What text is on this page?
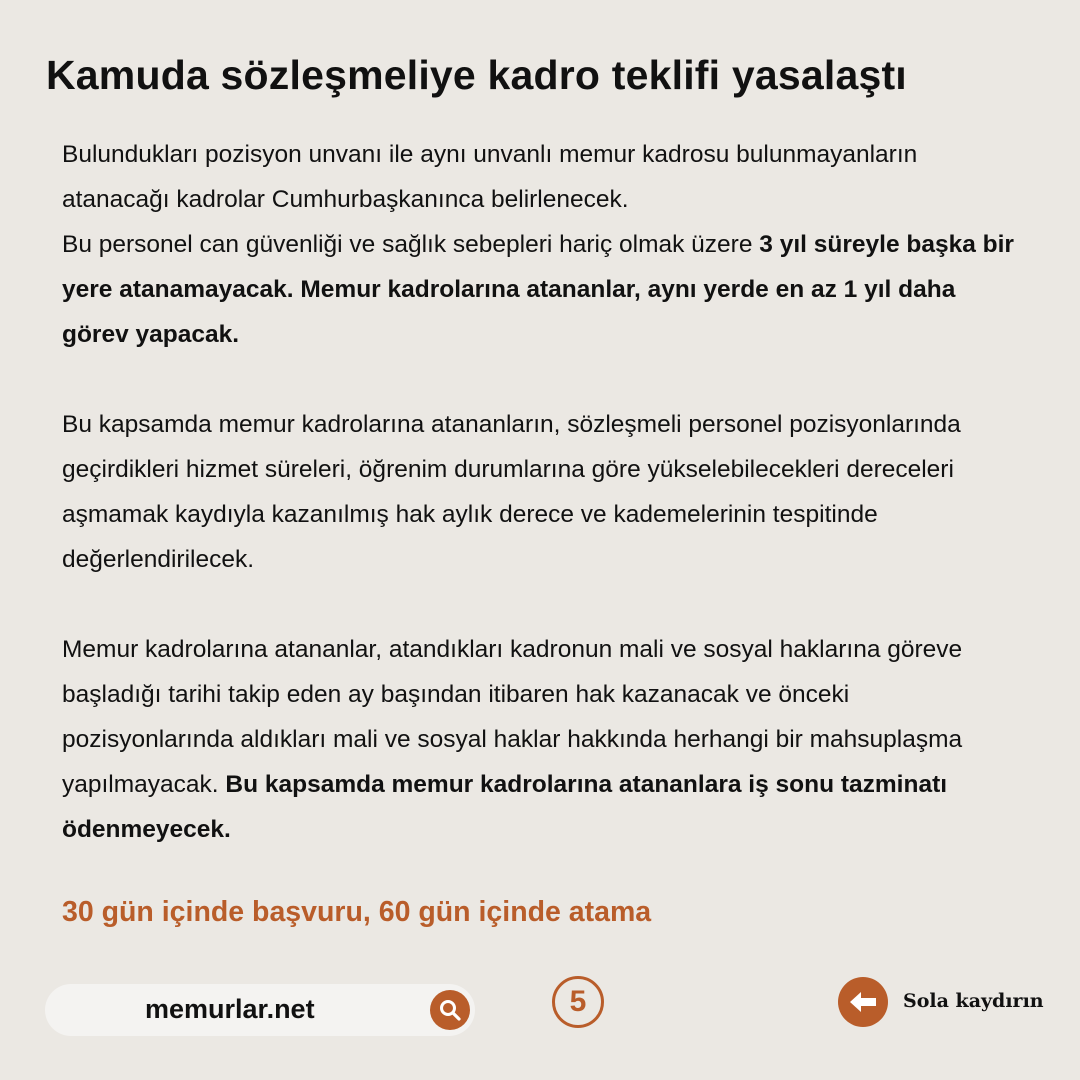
Kamuda sözleşmeliye kadro teklifi yasalaştı

Bulundukları pozisyon unvanı ile aynı unvanlı memur kadrosu bulunmayanların atanacağı kadrolar Cumhurbaşkanınca belirlenecek.

Bu personel can güvenliği ve sağlık sebepleri hariç olmak üzere 3 yıl süreyle başka bir yere atanamayacak. Memur kadrolarına atananlar, aynı yerde en az 1 yıl daha görev yapacak.

Bu kapsamda memur kadrolarına atananların, sözleşmeli personel pozisyonlarında geçirdikleri hizmet süreleri, öğrenim durumlarına göre yükselebilecekleri dereceleri aşmamak kaydıyla kazanılmış hak aylık derece ve kademelerinin tespitinde değerlendirilecek.

Memur kadrolarına atananlar, atandıkları kadronun mali ve sosyal haklarına göreve başladığı tarihi takip eden ay başından itibaren hak kazanacak ve önceki pozisyonlarında aldıkları mali ve sosyal haklar hakkında herhangi bir mahsuplaşma yapılmayacak. Bu kapsamda memur kadrolarına atananlara iş sonu tazminatı ödenmeyecek.

30 gün içinde başvuru, 60 gün içinde atama
memurlar.net	5	Sola kaydırın
